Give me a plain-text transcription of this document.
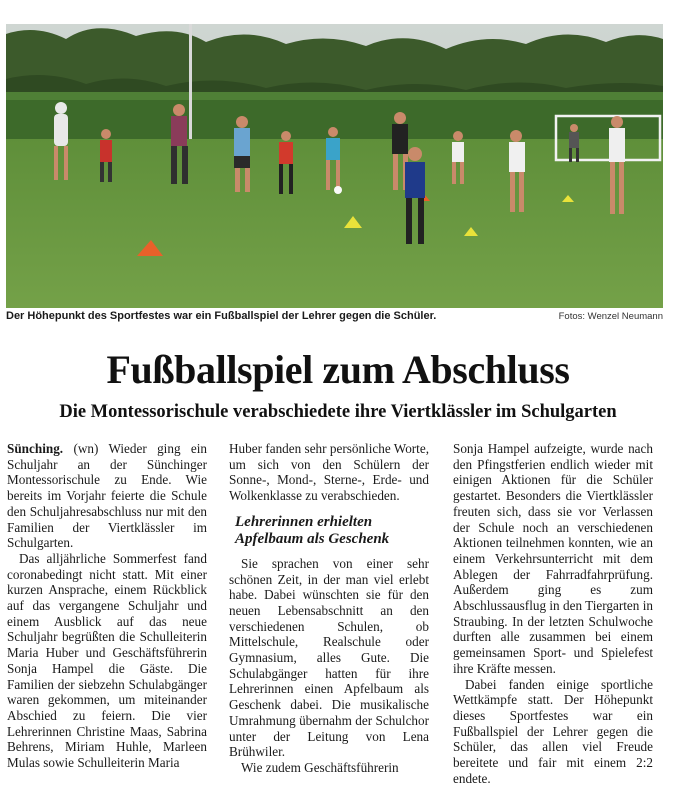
Der Höhepunkt des Sportfestes war ein Fußballspiel der Lehrer gegen die Schüler.	Fotos: Wenzel Neumann
Fußballspiel zum Abschluss
Die Montessorischule verabschiedete ihre Viertklässler im Schulgarten

Sünching. (wn) Wieder ging ein Schuljahr an der Sünchinger Montessorischule zu Ende. Wie bereits im Vorjahr feierte die Schule den Schuljahresabschluss nur mit den Familien der Viertklässler im Schulgarten.

Das alljährliche Sommerfest fand coronabedingt nicht statt. Mit einer kurzen Ansprache, einem Rückblick auf das vergangene Schuljahr und einem Ausblick auf das neue Schuljahr begrüßten die Schulleiterin Maria Huber und Geschäftsführerin Sonja Hampel die Gäste. Die Familien der siebzehn Schulabgänger waren gekommen, um miteinander Abschied zu feiern. Die vier Lehrerinnen Christine Maas, Sabrina Behrens, Miriam Huhle, Marleen Mulas sowie Schulleiterin Maria

Huber fanden sehr persönliche Worte, um sich von den Schülern der Sonne-, Mond-, Sterne-, Erde- und Wolkenklasse zu verabschieden.

Lehrerinnen erhielten Apfelbaum als Geschenk

Sie sprachen von einer sehr schönen Zeit, in der man viel erlebt habe. Dabei wünschten sie für den neuen Lebensabschnitt an den verschiedenen Schulen, ob Mittelschule, Realschule oder Gymnasium, alles Gute. Die Schulabgänger hatten für ihre Lehrerinnen einen Apfelbaum als Geschenk dabei. Die musikalische Umrahmung übernahm der Schulchor unter der Leitung von Lena Brühwiler.

Wie zudem Geschäftsführerin

Sonja Hampel aufzeigte, wurde nach den Pfingstferien endlich wieder mit einigen Aktionen für die Schüler gestartet. Besonders die Viertklässler freuten sich, dass sie vor Verlassen der Schule noch an verschiedenen Aktionen teilnehmen konnten, wie an einem Verkehrsunterricht mit dem Ablegen der Fahrradfahrprüfung. Außerdem ging es zum Abschlussausflug in den Tiergarten in Straubing. In der letzten Schulwoche durften alle zusammen bei einem gemeinsamen Sport- und Spielefest ihre Kräfte messen.

Dabei fanden einige sportliche Wettkämpfe statt. Der Höhepunkt dieses Sportfestes war ein Fußballspiel der Lehrer gegen die Schüler, das allen viel Freude bereitete und fair mit einem 2:2 endete.
